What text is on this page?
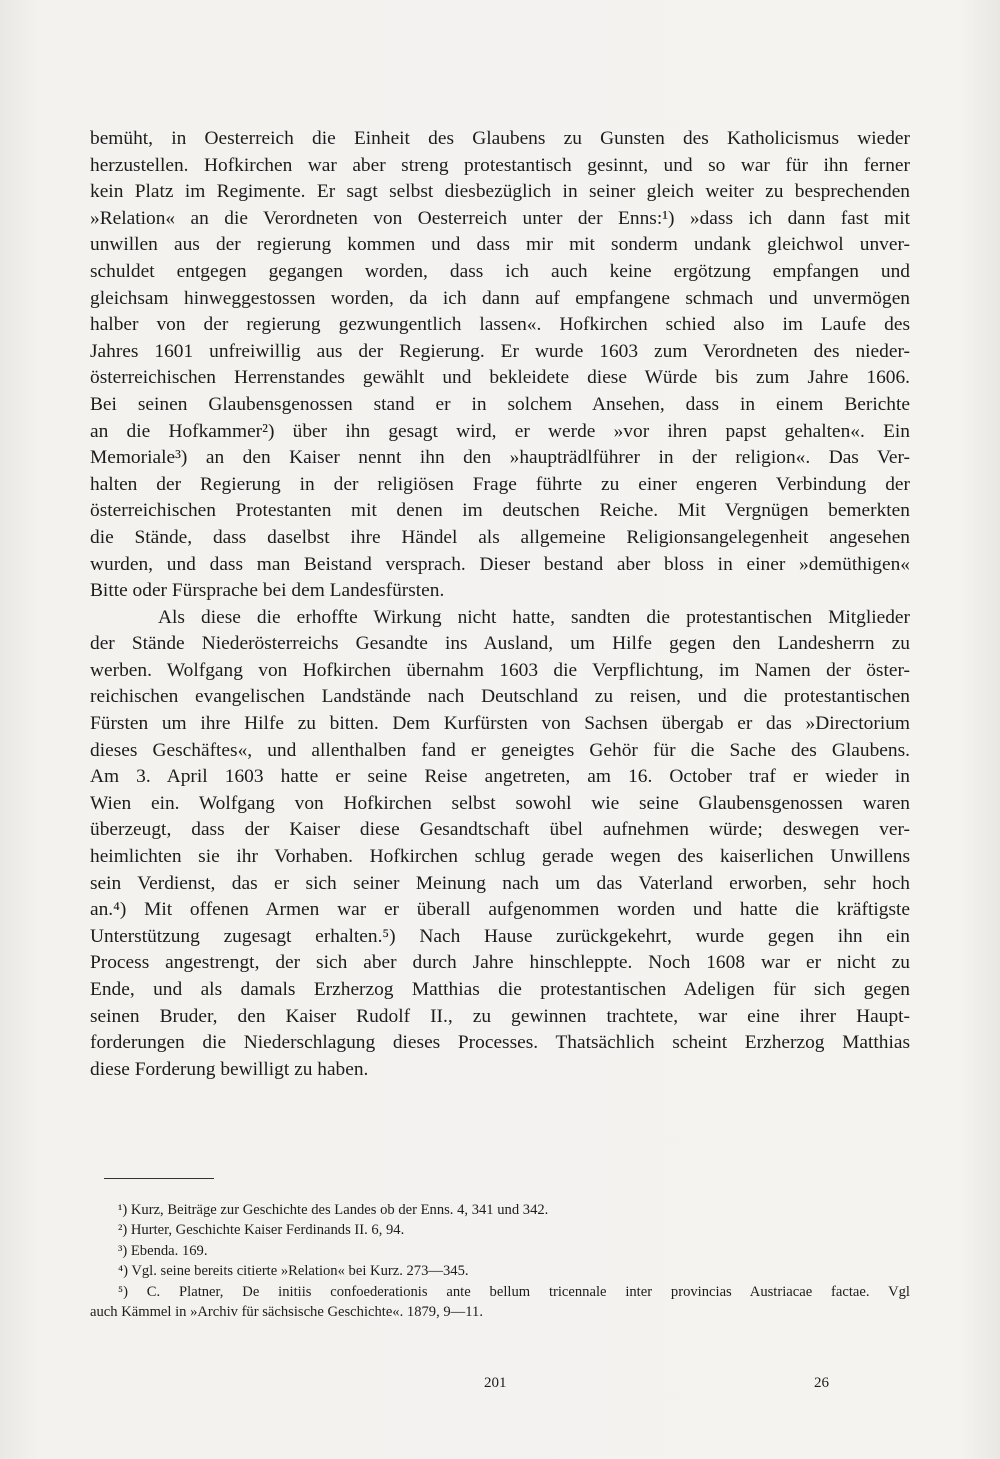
bemüht, in Oesterreich die Einheit des Glaubens zu Gunsten des Katholicismus wieder
herzustellen. Hofkirchen war aber streng protestantisch gesinnt, und so war für ihn ferner
kein Platz im Regimente. Er sagt selbst diesbezüglich in seiner gleich weiter zu besprechenden
»Relation« an die Verordneten von Oesterreich unter der Enns:¹) »dass ich dann fast mit
unwillen aus der regierung kommen und dass mir mit sonderm undank gleichwol unver-
schuldet entgegen gegangen worden, dass ich auch keine ergötzung empfangen und
gleichsam hinweggestossen worden, da ich dann auf empfangene schmach und unvermögen
halber von der regierung gezwungentlich lassen«. Hofkirchen schied also im Laufe des
Jahres 1601 unfreiwillig aus der Regierung. Er wurde 1603 zum Verordneten des nieder-
österreichischen Herrenstandes gewählt und bekleidete diese Würde bis zum Jahre 1606.
Bei seinen Glaubensgenossen stand er in solchem Ansehen, dass in einem Berichte
an die Hofkammer²) über ihn gesagt wird, er werde »vor ihren papst gehalten«. Ein
Memoriale³) an den Kaiser nennt ihn den »haupträdlführer in der religion«. Das Ver-
halten der Regierung in der religiösen Frage führte zu einer engeren Verbindung der
österreichischen Protestanten mit denen im deutschen Reiche. Mit Vergnügen bemerkten
die Stände, dass daselbst ihre Händel als allgemeine Religionsangelegenheit angesehen
wurden, und dass man Beistand versprach. Dieser bestand aber bloss in einer »demüthigen«
Bitte oder Fürsprache bei dem Landesfürsten.
Als diese die erhoffte Wirkung nicht hatte, sandten die protestantischen Mitglieder
der Stände Niederösterreichs Gesandte ins Ausland, um Hilfe gegen den Landesherrn zu
werben. Wolfgang von Hofkirchen übernahm 1603 die Verpflichtung, im Namen der öster-
reichischen evangelischen Landstände nach Deutschland zu reisen, und die protestantischen
Fürsten um ihre Hilfe zu bitten. Dem Kurfürsten von Sachsen übergab er das »Directorium
dieses Geschäftes«, und allenthalben fand er geneigtes Gehör für die Sache des Glaubens.
Am 3. April 1603 hatte er seine Reise angetreten, am 16. October traf er wieder in
Wien ein. Wolfgang von Hofkirchen selbst sowohl wie seine Glaubensgenossen waren
überzeugt, dass der Kaiser diese Gesandtschaft übel aufnehmen würde; deswegen ver-
heimlichten sie ihr Vorhaben. Hofkirchen schlug gerade wegen des kaiserlichen Unwillens
sein Verdienst, das er sich seiner Meinung nach um das Vaterland erworben, sehr hoch
an.⁴) Mit offenen Armen war er überall aufgenommen worden und hatte die kräftigste
Unterstützung zugesagt erhalten.⁵) Nach Hause zurückgekehrt, wurde gegen ihn ein
Process angestrengt, der sich aber durch Jahre hinschleppte. Noch 1608 war er nicht zu
Ende, und als damals Erzherzog Matthias die protestantischen Adeligen für sich gegen
seinen Bruder, den Kaiser Rudolf II., zu gewinnen trachtete, war eine ihrer Haupt-
forderungen die Niederschlagung dieses Processes. Thatsächlich scheint Erzherzog Matthias
diese Forderung bewilligt zu haben.
¹) Kurz, Beiträge zur Geschichte des Landes ob der Enns. 4, 341 und 342.
²) Hurter, Geschichte Kaiser Ferdinands II. 6, 94.
³) Ebenda. 169.
⁴) Vgl. seine bereits citierte »Relation« bei Kurz. 273—345.
⁵) C. Platner, De initiis confoederationis ante bellum tricennale inter provincias Austriacae factae. Vgl
auch Kämmel in »Archiv für sächsische Geschichte«. 1879, 9—11.
201	26
